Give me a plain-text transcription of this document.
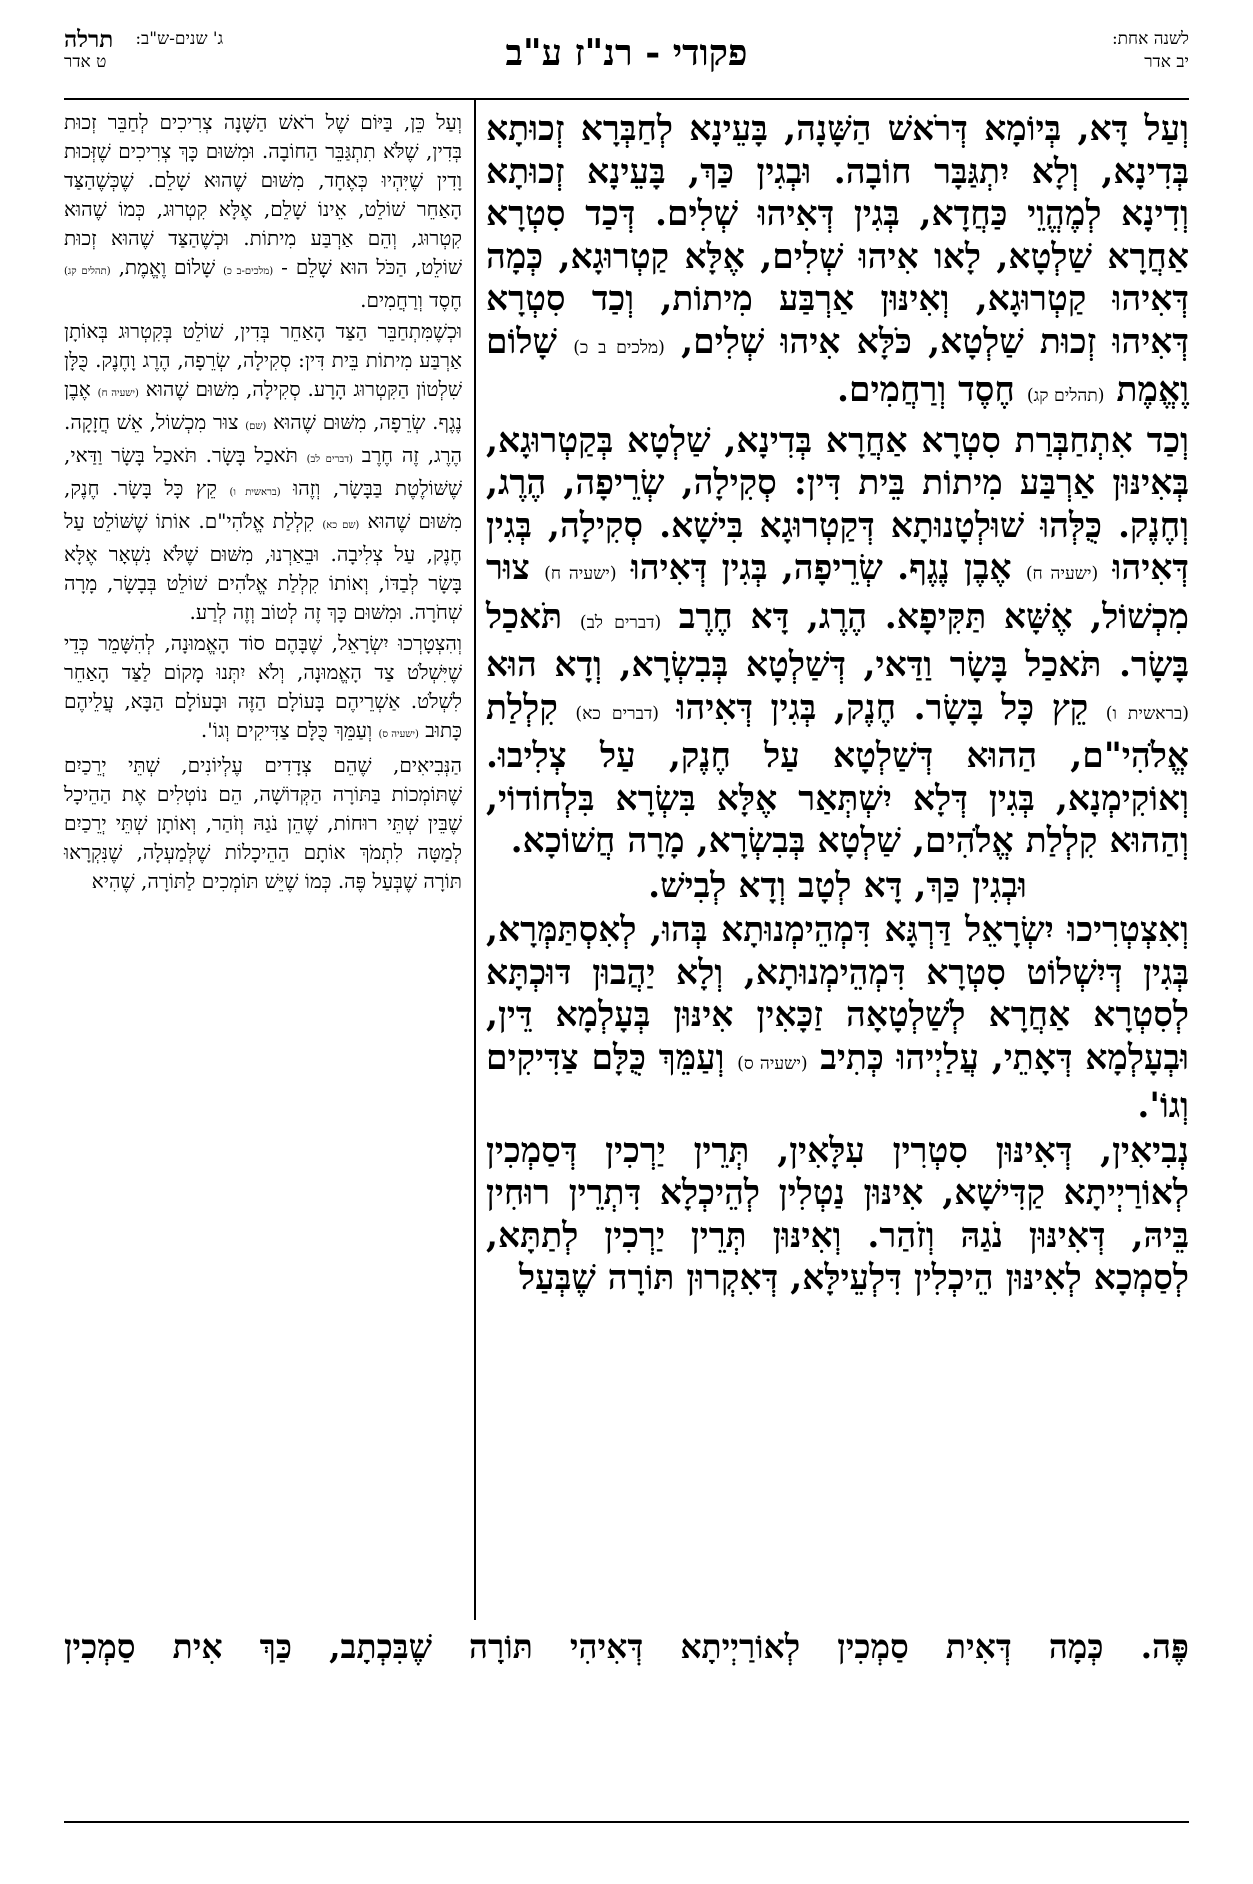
לשנה אחת:
יב אדר
פקודי - רנ"ז ע"ב
ג' שנים-ש"ב:
תרלה
ט אדר

וְעַל דָּא, בְּיוֹמָא דְּרֹאשׁ הַשָּׁנָה, בָּעֵינָא לְחַבְּרָא זְכוּתָא בְּדִינָא, וְלָא יִתְגַּבָּר חוֹבָה. וּבְגִין כַּךְ, בָּעֵינָא זְכוּתָא וְדִינָא לְמֶהֱוֵי כַּחֲדָא, בְּגִין דְּאִיהוּ שְׁלִים. דְּכַד סִטְרָא אַחֲרָא שַׁלְטָא, לָאו אִיהוּ שְׁלִים, אֶלָּא קַטְרוּגָא, כְּמָה דְּאִיהוּ קַטְרוּגָא, וְאִינּוּן אַרְבַּע מִיתוֹת, וְכַד סִטְרָא דְּאִיהוּ זְכוּת שַׁלְטָא, כֹּלָּא אִיהוּ שְׁלִים, (מלכים ב כ) שָׁלוֹם וֶאֱמֶת (תהלים קג) חֶסֶד וְרַחֲמִים.

וְכַד אִתְחַבְּרַת סִטְרָא אַחֲרָא בְּדִינָא, שַׁלְטָא בְּקַטְרוּגָא, בְּאִינּוּן אַרְבַּע מִיתוֹת בֵּית דִּין: סְקִילָה, שְׂרֵיפָה, הֶרֶג, וְחֶנֶק. כֻּלְּהוּ שׁוּלְטָנוּתָא דְּקַטְרוּגָא בִּישָׁא. סְקִילָה, בְּגִין דְּאִיהוּ (ישעיה ח) אֶבֶן נֶגֶף. שְׂרֵיפָה, בְּגִין דְּאִיהוּ (ישעיה ח) צוּר מִכְשׁוֹל, אֶשָּׁא תַּקִּיפָא. הֶרֶג, דָּא חֶרֶב (דברים לב) תֹּאכַל בָּשָׂר. תֹּאכַל בָּשָׂר וַדַּאי, דְּשַׁלְטָא בְּבִשְׂרָא, וְדָא הוּא (בראשית ו) קֵץ כָּל בָּשָׂר. חֶנֶק, בְּגִין דְּאִיהוּ (דברים כא) קִלְלַת אֱלֹהִי"ם, הַהוּא דְּשַׁלְטָא עַל חֶנֶק, עַל צְלִיבוּ. וְאוֹקִימְנָא, בְּגִין דְּלָא יִשְׁתְּאַר אֶלָּא בִּשְׂרָא בִּלְחוֹדוֹי, וְהַהוּא קִלְלַת אֱלֹהִים, שַׁלְטָא בְּבִשְׂרָא, מָרָה חֲשׁוֹכָא.

וּבְגִין כַּךְ, דָּא לְטָב וְדָא לְבִישׁ.

וְאִצְטְרִיכוּ יִשְׂרָאֵל דַּרְגָּא דִּמְהֵימְנוּתָא בְּהוּ, לְאִסְתַּמְּרָא, בְּגִין דְּיִשְׁלוֹט סִטְרָא דִּמְהֵימְנוּתָא, וְלָא יַהֲבוּן דּוּכְתָּא לְסִטְרָא אַחֲרָא לְשַׁלְטָאָה זַכָּאִין אִינּוּן בְּעָלְמָא דֵּין, וּבְעָלְמָא דְּאָתֵי, עֲלַיְיהוּ כְּתִיב (ישעיה ס) וְעַמֵּךְ כֻּלָּם צַדִּיקִים וְגוֹ'.

נְבִיאִין, דְּאִינּוּן סִטְרִין עִלָּאִין, תְּרֵין יַרְכִין דְּסַמְכִין לְאוֹרַיְיתָא קַדִּישָׁא, אִינּוּן נַטְלִין לְהֵיכְלָא דִּתְרֵין רוּחִין בֵּיהּ, דְּאִינּוּן נֹגַהּ וְזֹהַר. וְאִינּוּן תְּרֵין יַרְכִין לְתַתָּא, לְסַמְכָא לְאִינּוּן הֵיכְלִין דִּלְעֵילָּא, דְּאִקְרוּן תּוֹרָה שֶׁבְּעַל

וְעַל כֵּן, בַּיּוֹם שֶׁל רֹאשׁ הַשָּׁנָה צְרִיכִים לְחַבֵּר זְכוּת בְּדִין, שֶׁלֹּא תִתְגַּבֵּר הַחוֹבָה. וּמִשּׁוּם כָּךְ צְרִיכִים שֶׁזְּכוּת וָדִין שֶׁיִּהְיוּ כְּאֶחָד, מִשּׁוּם שֶׁהוּא שָׁלֵם. שֶׁכְּשֶׁהַצַּד הָאַחֵר שׁוֹלֵט, אֵינוֹ שָׁלֵם, אֶלָּא קִטְרוּג, כְּמוֹ שֶׁהוּא קִטְרוּג, וְהֵם אַרְבַּע מִיתוֹת. וּכְשֶׁהַצַּד שֶׁהוּא זְכוּת שׁוֹלֵט, הַכֹּל הוּא שָׁלֵם - (מלכים-ב כ) שָׁלוֹם וֶאֱמֶת, (תהלים קג) חֶסֶד וְרַחֲמִים.

וּכְשֶׁמִּתְחַבֵּר הַצַּד הָאַחֵר בְּדִין, שׁוֹלֵט בְּקִטְרוּג בְּאוֹתָן אַרְבַּע מִיתוֹת בֵּית דִּין: סְקִילָה, שְׂרֵפָה, הֶרֶג וָחֶנֶק. כֻּלָּן שִׁלְטוֹן הַקִּטְרוּג הָרָע. סְקִילָה, מִשּׁוּם שֶׁהוּא (ישעיה ח) אֶבֶן נֶגֶף. שְׂרֵפָה, מִשּׁוּם שֶׁהוּא (שם) צוּר מִכְשׁוֹל, אֵשׁ חֲזָקָה. הֶרֶג, זֶה חֶרֶב (דברים לב) תֹּאכַל בָּשָׂר. תֹּאכַל בָּשָׂר וַדַּאי, שֶׁשּׁוֹלֶטֶת בַּבָּשָׂר, וְזֶהוּ (בראשית ו) קֵץ כָּל בָּשָׂר. חֶנֶק, מִשּׁוּם שֶׁהוּא (שם כא) קִלְלַת אֱלֹהִי"ם. אוֹתוֹ שֶׁשּׁוֹלֵט עַל חֶנֶק, עַל צְלִיבָה. וּבֵאַרְנוּ, מִשּׁוּם שֶׁלֹּא נִשְׁאָר אֶלָּא בָּשָׂר לְבַדּוֹ, וְאוֹתוֹ קִלְלַת אֱלֹהִים שׁוֹלֵט בְּבָשָׂר, מָרָה שְׁחֹרָה. וּמִשּׁוּם כָּךְ זֶה לְטוֹב וְזֶה לְרַע.

וְהִצְטָרְכוּ יִשְׂרָאֵל, שֶׁבָּהֶם סוֹד הָאֱמוּנָה, לְהִשָּׁמֵר כְּדֵי שֶׁיִּשְׁלֹט צַד הָאֱמוּנָה, וְלֹא יִתְּנוּ מָקוֹם לַצַּד הָאַחֵר לִשְׁלֹט. אַשְׁרֵיהֶם בָּעוֹלָם הַזֶּה וּבָעוֹלָם הַבָּא, עֲלֵיהֶם כָּתוּב (ישעיה ס) וְעַמֵּךְ כֻּלָּם צַדִּיקִים וְגוֹ'.

הַנְּבִיאִים, שֶׁהֵם צְדָדִים עֶלְיוֹנִים, שְׁתֵּי יְרֵכַיִם שֶׁתּוֹמְכוֹת בַּתּוֹרָה הַקְּדוֹשָׁה, הֵם נוֹטְלִים אֶת הַהֵיכָל שֶׁבֵּין שְׁתֵּי רוּחוֹת, שֶׁהֵן נֹגַהּ וְזֹהַר, וְאוֹתָן שְׁתֵּי יְרֵכַיִם לְמַטָּה לִתְמֹךְ אוֹתָם הַהֵיכָלוֹת שֶׁלְּמַעְלָה, שֶׁנִּקְרָאוּ תּוֹרָה שֶׁבְּעַל פֶּה. כְּמוֹ שֶׁיֵּשׁ תּוֹמְכִים לַתּוֹרָה, שֶׁהִיא

פֶּה. כְּמָה דְּאִית סַמְכִין לְאוֹרַיְיתָא דְּאִיהִי תּוֹרָה שֶׁבִּכְתָב, כַּךְ אִית סַמְכִין
